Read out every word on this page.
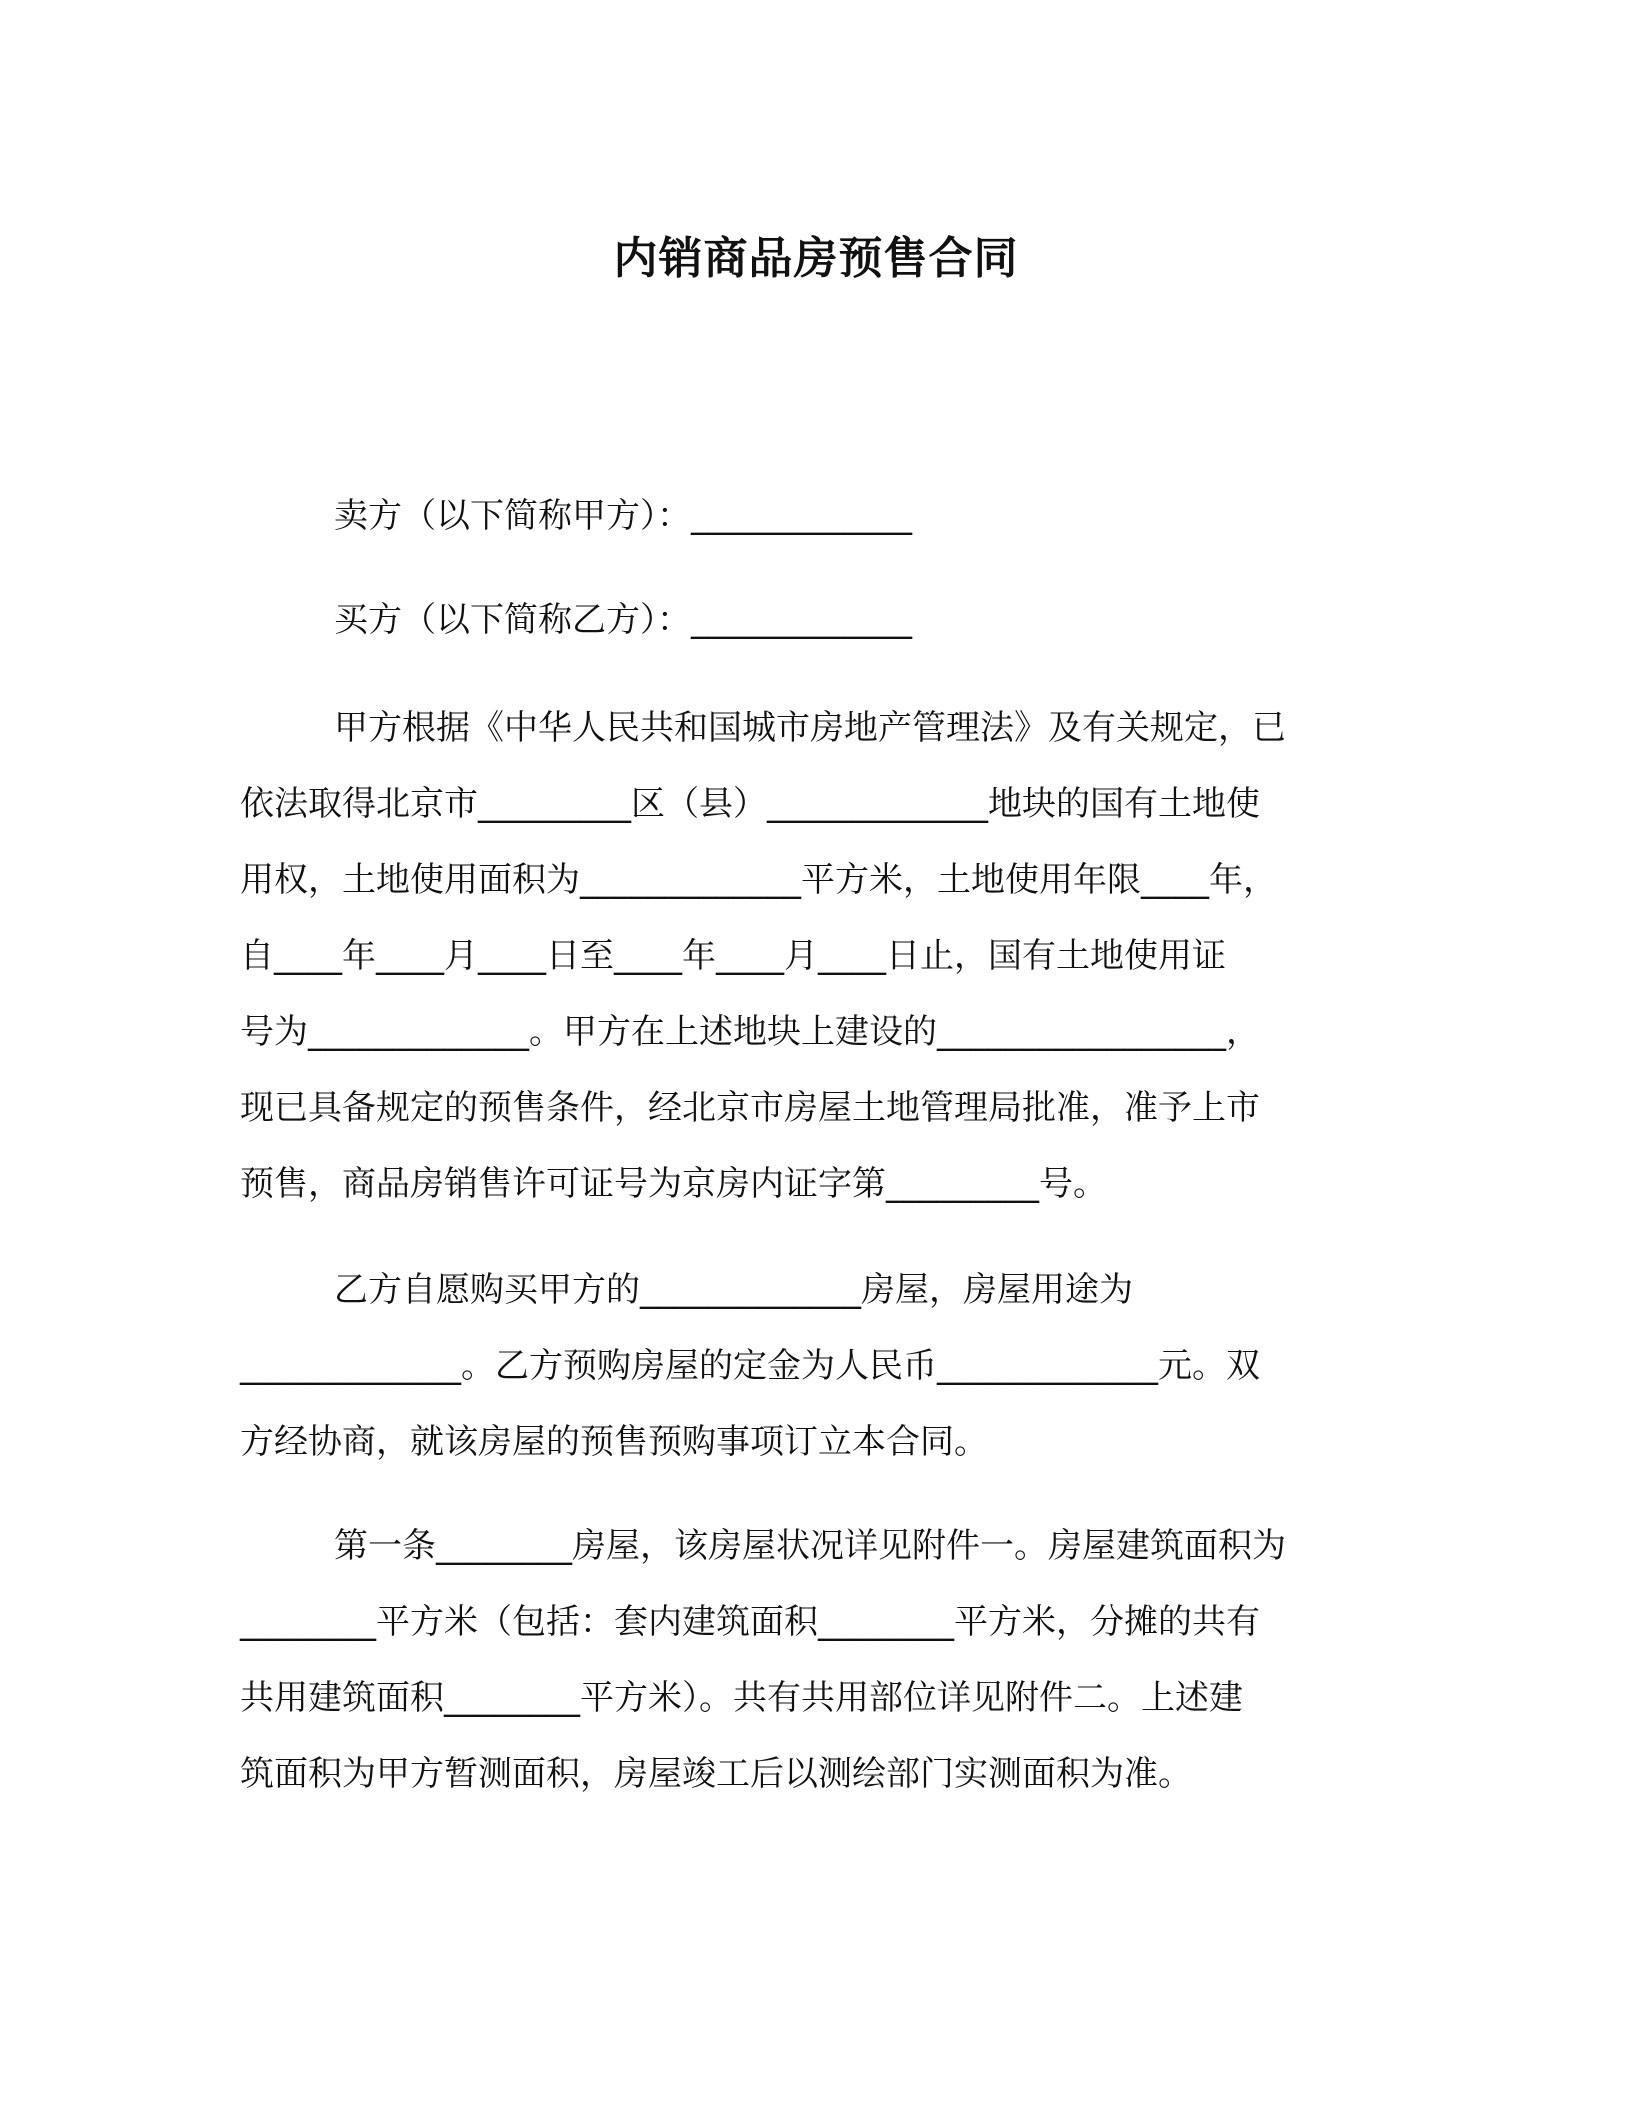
内销商品房预售合同
卖方（以下简称甲方）：_____________
买方（以下简称乙方）：_____________
甲方根据《中华人民共和国城市房地产管理法》及有关规定，已
依法取得北京市_________区（县）_____________地块的国有土地使
用权，土地使用面积为_____________平方米，土地使用年限____年，
自____年____月____日至____年____月____日止，国有土地使用证
号为_____________。甲方在上述地块上建设的_________________，
现已具备规定的预售条件，经北京市房屋土地管理局批准，准予上市
预售，商品房销售许可证号为京房内证字第_________号。
乙方自愿购买甲方的_____________房屋，房屋用途为
_____________。乙方预购房屋的定金为人民币_____________元。双
方经协商，就该房屋的预售预购事项订立本合同。
第一条________房屋，该房屋状况详见附件一。房屋建筑面积为
________平方米（包括：套内建筑面积________平方米，分摊的共有
共用建筑面积________平方米）。共有共用部位详见附件二。上述建
筑面积为甲方暂测面积，房屋竣工后以测绘部门实测面积为准。
